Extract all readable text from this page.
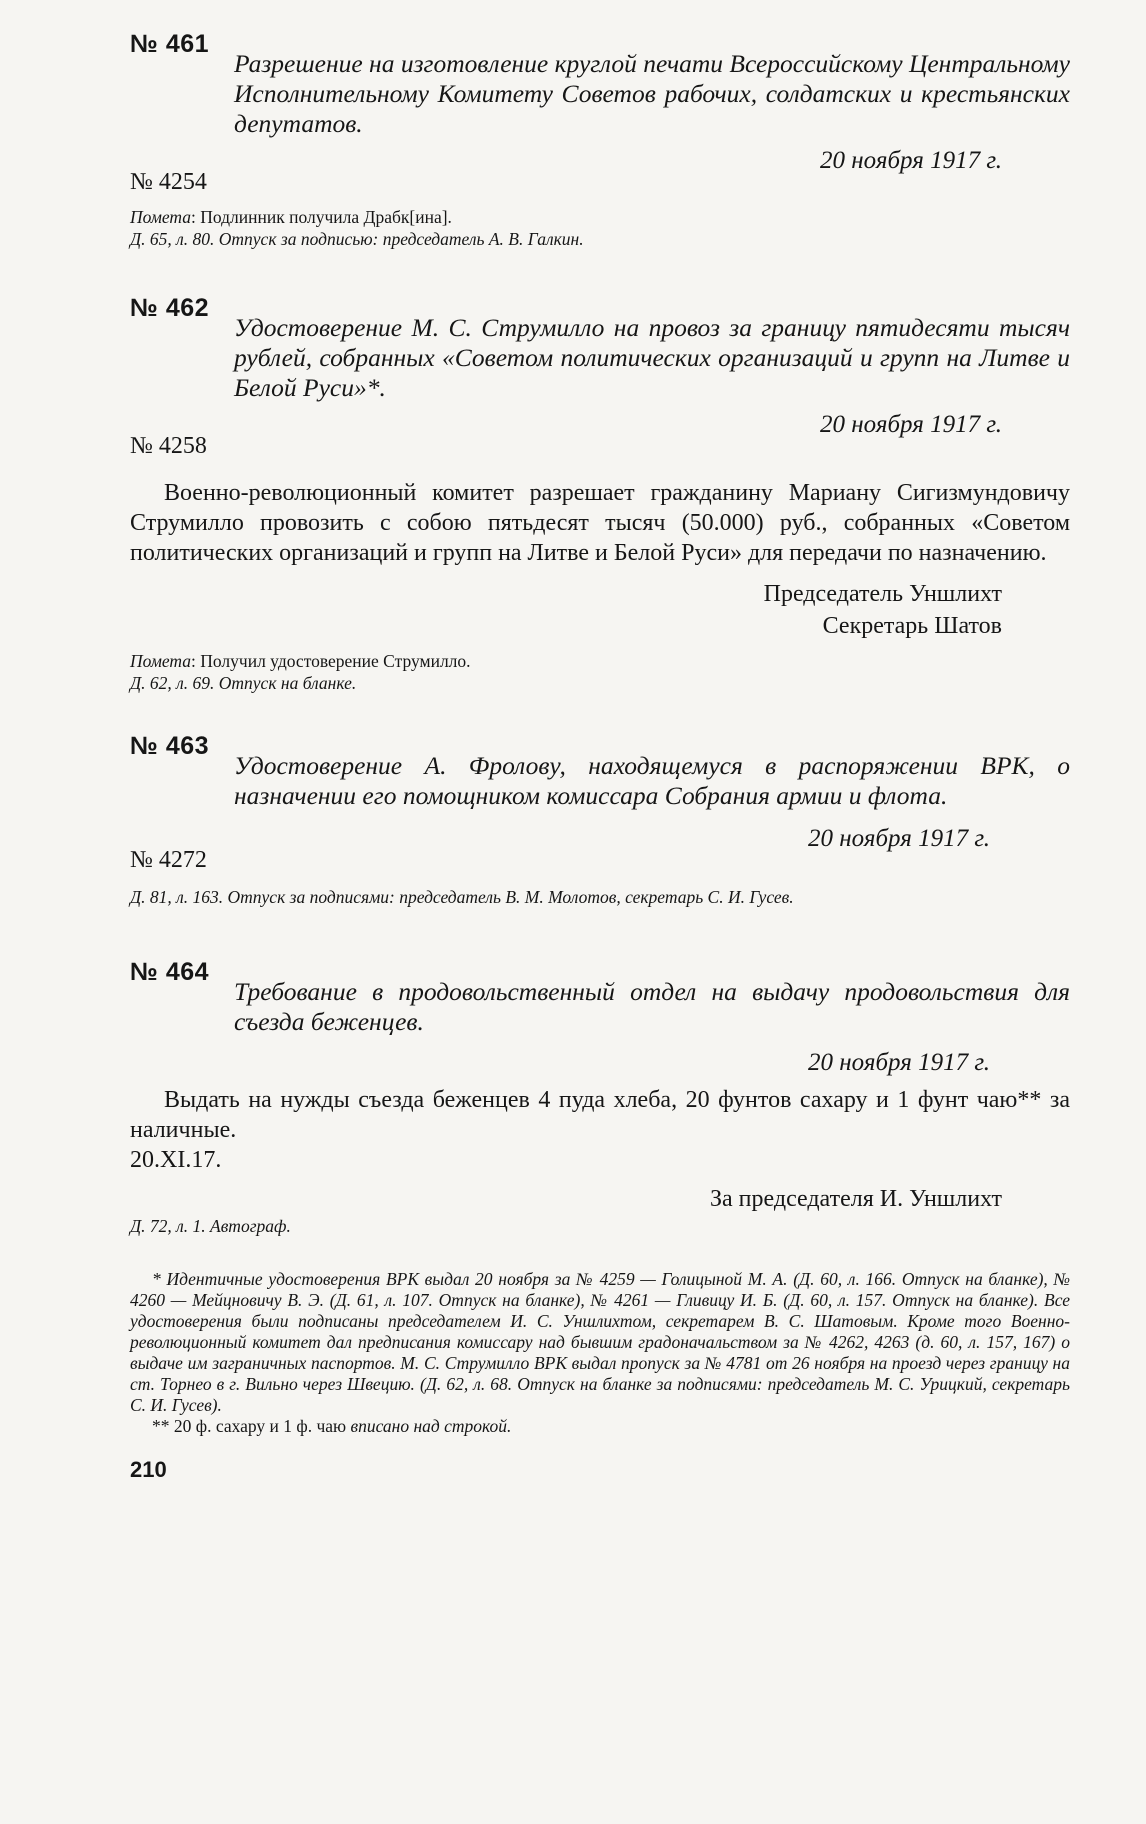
№ 461
Разрешение на изготовление круглой печати Всероссийскому Центральному Исполнительному Комитету Советов рабочих, солдатских и крестьянских депутатов.
20 ноября 1917 г.
№ 4254
Помета: Подлинник получила Драбк[ина].
Д. 65, л. 80. Отпуск за подписью: председатель А. В. Галкин.
№ 462
Удостоверение М. С. Струмилло на провоз за границу пятидесяти тысяч рублей, собранных «Советом политических организаций и групп на Литве и Белой Руси»*.
20 ноября 1917 г.
№ 4258
Военно-революционный комитет разрешает гражданину Мариану Сигизмундовичу Струмилло провозить с собою пятьдесят тысяч (50.000) руб., собранных «Советом политических организаций и групп на Литве и Белой Руси» для передачи по назначению.
Председатель Уншлихт
Секретарь Шатов
Помета: Получил удостоверение Струмилло.
Д. 62, л. 69. Отпуск на бланке.
№ 463
Удостоверение А. Фролову, находящемуся в распоряжении ВРК, о назначении его помощником комиссара Собрания армии и флота.
20 ноября 1917 г.
№ 4272
Д. 81, л. 163. Отпуск за подписями: председатель В. М. Молотов, секретарь С. И. Гусев.
№ 464
Требование в продовольственный отдел на выдачу продовольствия для съезда беженцев.
20 ноября 1917 г.
Выдать на нужды съезда беженцев 4 пуда хлеба, 20 фунтов сахару и 1 фунт чаю** за наличные.
20.XI.17.
За председателя И. Уншлихт
Д. 72, л. 1. Автограф.

* Идентичные удостоверения ВРК выдал 20 ноября за № 4259 — Голицыной М. А. (Д. 60, л. 166. Отпуск на бланке), № 4260 — Мейцновичу В. Э. (Д. 61, л. 107. Отпуск на бланке), № 4261 — Гливицу И. Б. (Д. 60, л. 157. Отпуск на бланке). Все удостоверения были подписаны председателем И. С. Уншлихтом, секретарем В. С. Шатовым. Кроме того Военно-революционный комитет дал предписания комиссару над бывшим градоначальством за № 4262, 4263 (д. 60, л. 157, 167) о выдаче им заграничных паспортов. М. С. Струмилло ВРК выдал пропуск за № 4781 от 26 ноября на проезд через границу на ст. Торнео в г. Вильно через Швецию. (Д. 62, л. 68. Отпуск на бланке за подписями: председатель М. С. Урицкий, секретарь С. И. Гусев).

** 20 ф. сахару и 1 ф. чаю вписано над строкой.

210
